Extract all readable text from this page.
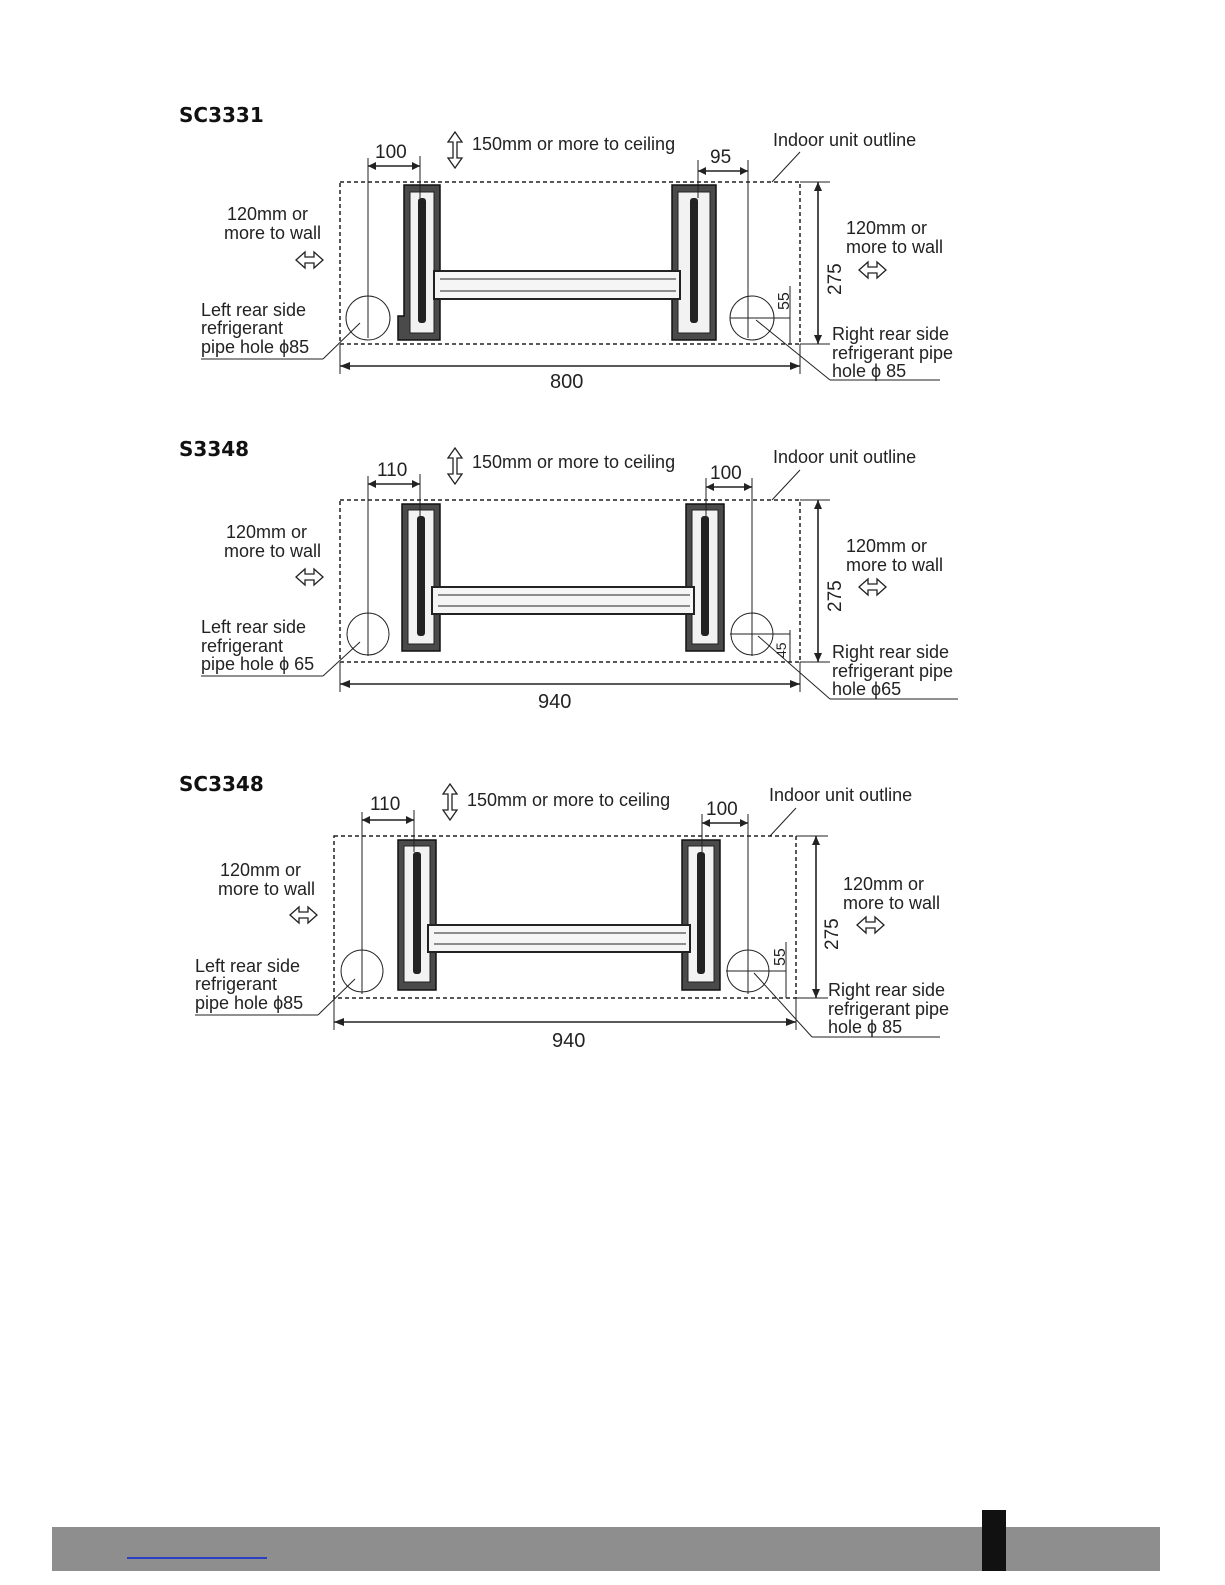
SC3331
100	95
150mm or more to ceiling	Indoor unit outline
120mm or
more to wall	120mm or
more to wall
275
55
Left rear side
refrigerant
pipe hole ϕ85
Right rear side
refrigerant pipe
hole ϕ 85
800
S3348
110	100
150mm or more to ceiling	Indoor unit outline
120mm or
more to wall	120mm or
more to wall
275
45
Left rear side
refrigerant
pipe hole ϕ 65
Right rear side
refrigerant pipe
hole ϕ65
940
SC3348
110	100
150mm or more to ceiling	Indoor unit outline
120mm or
more to wall	120mm or
more to wall
275
55
Left rear side
refrigerant
pipe hole ϕ85
Right rear side
refrigerant pipe
hole ϕ 85
940
